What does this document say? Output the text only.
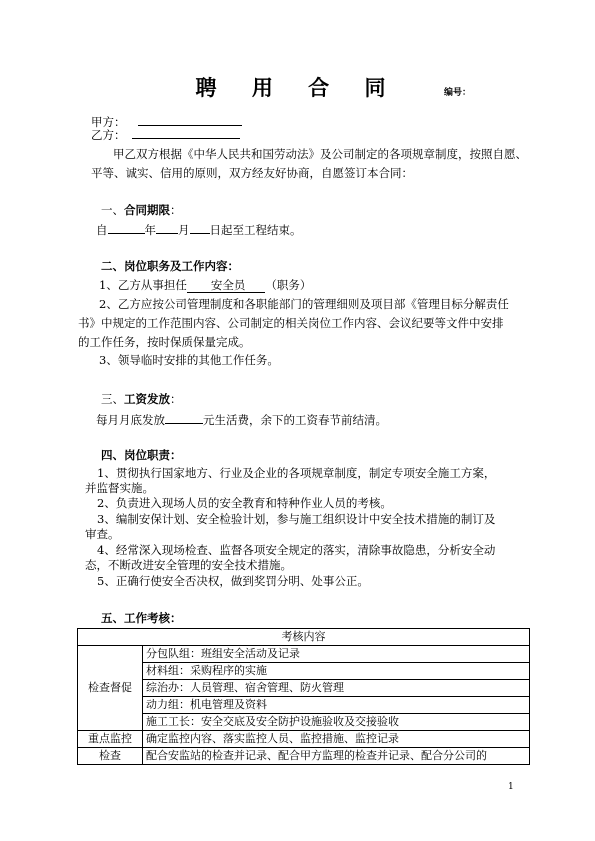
聘 用 合 同	编号：
甲方：
乙方：
甲乙双方根据《中华人民共和国劳动法》及公司制定的各项规章制度，按照自愿、
平等、诚实、信用的原则，双方经友好协商，自愿签订本合同：
一、合同期限：
自	年 月 日起至工程结束。
二、岗位职务及工作内容：
1、乙方从事担任 安全员 （职务）
2、乙方应按公司管理制度和各职能部门的管理细则及项目部《管理目标分解责任
书》中规定的工作范围内容、公司制定的相关岗位工作内容、会议纪要等文件中安排
的工作任务，按时保质保量完成。
3、领导临时安排的其他工作任务。
三、工资发放：
每月月底发放	元生活费，余下的工资春节前结清。
四、岗位职责：
1、贯彻执行国家地方、行业及企业的各项规章制度，制定专项安全施工方案，
并监督实施。
2、负责进入现场人员的安全教育和特种作业人员的考核。
3、编制安保计划、安全检验计划，参与施工组织设计中安全技术措施的制订及
审查。
4、经常深入现场检查、监督各项安全规定的落实，清除事故隐患，分析安全动
态，不断改进安全管理的安全技术措施。
5、正确行使安全否决权，做到奖罚分明、处事公正。
五、工作考核：
考核内容	
检查督促	分包队组：班组安全活动及记录
	材料组：采购程序的实施
	综治办：人员管理、宿舍管理、防火管理
	动力组：机电管理及资料
	施工工长：安全交底及安全防护设施验收及交接验收
重点监控	确定监控内容、落实监控人员、监控措施、监控记录
检查	配合安监站的检查并记录、配合甲方监理的检查并记录、配合分公司的
1
